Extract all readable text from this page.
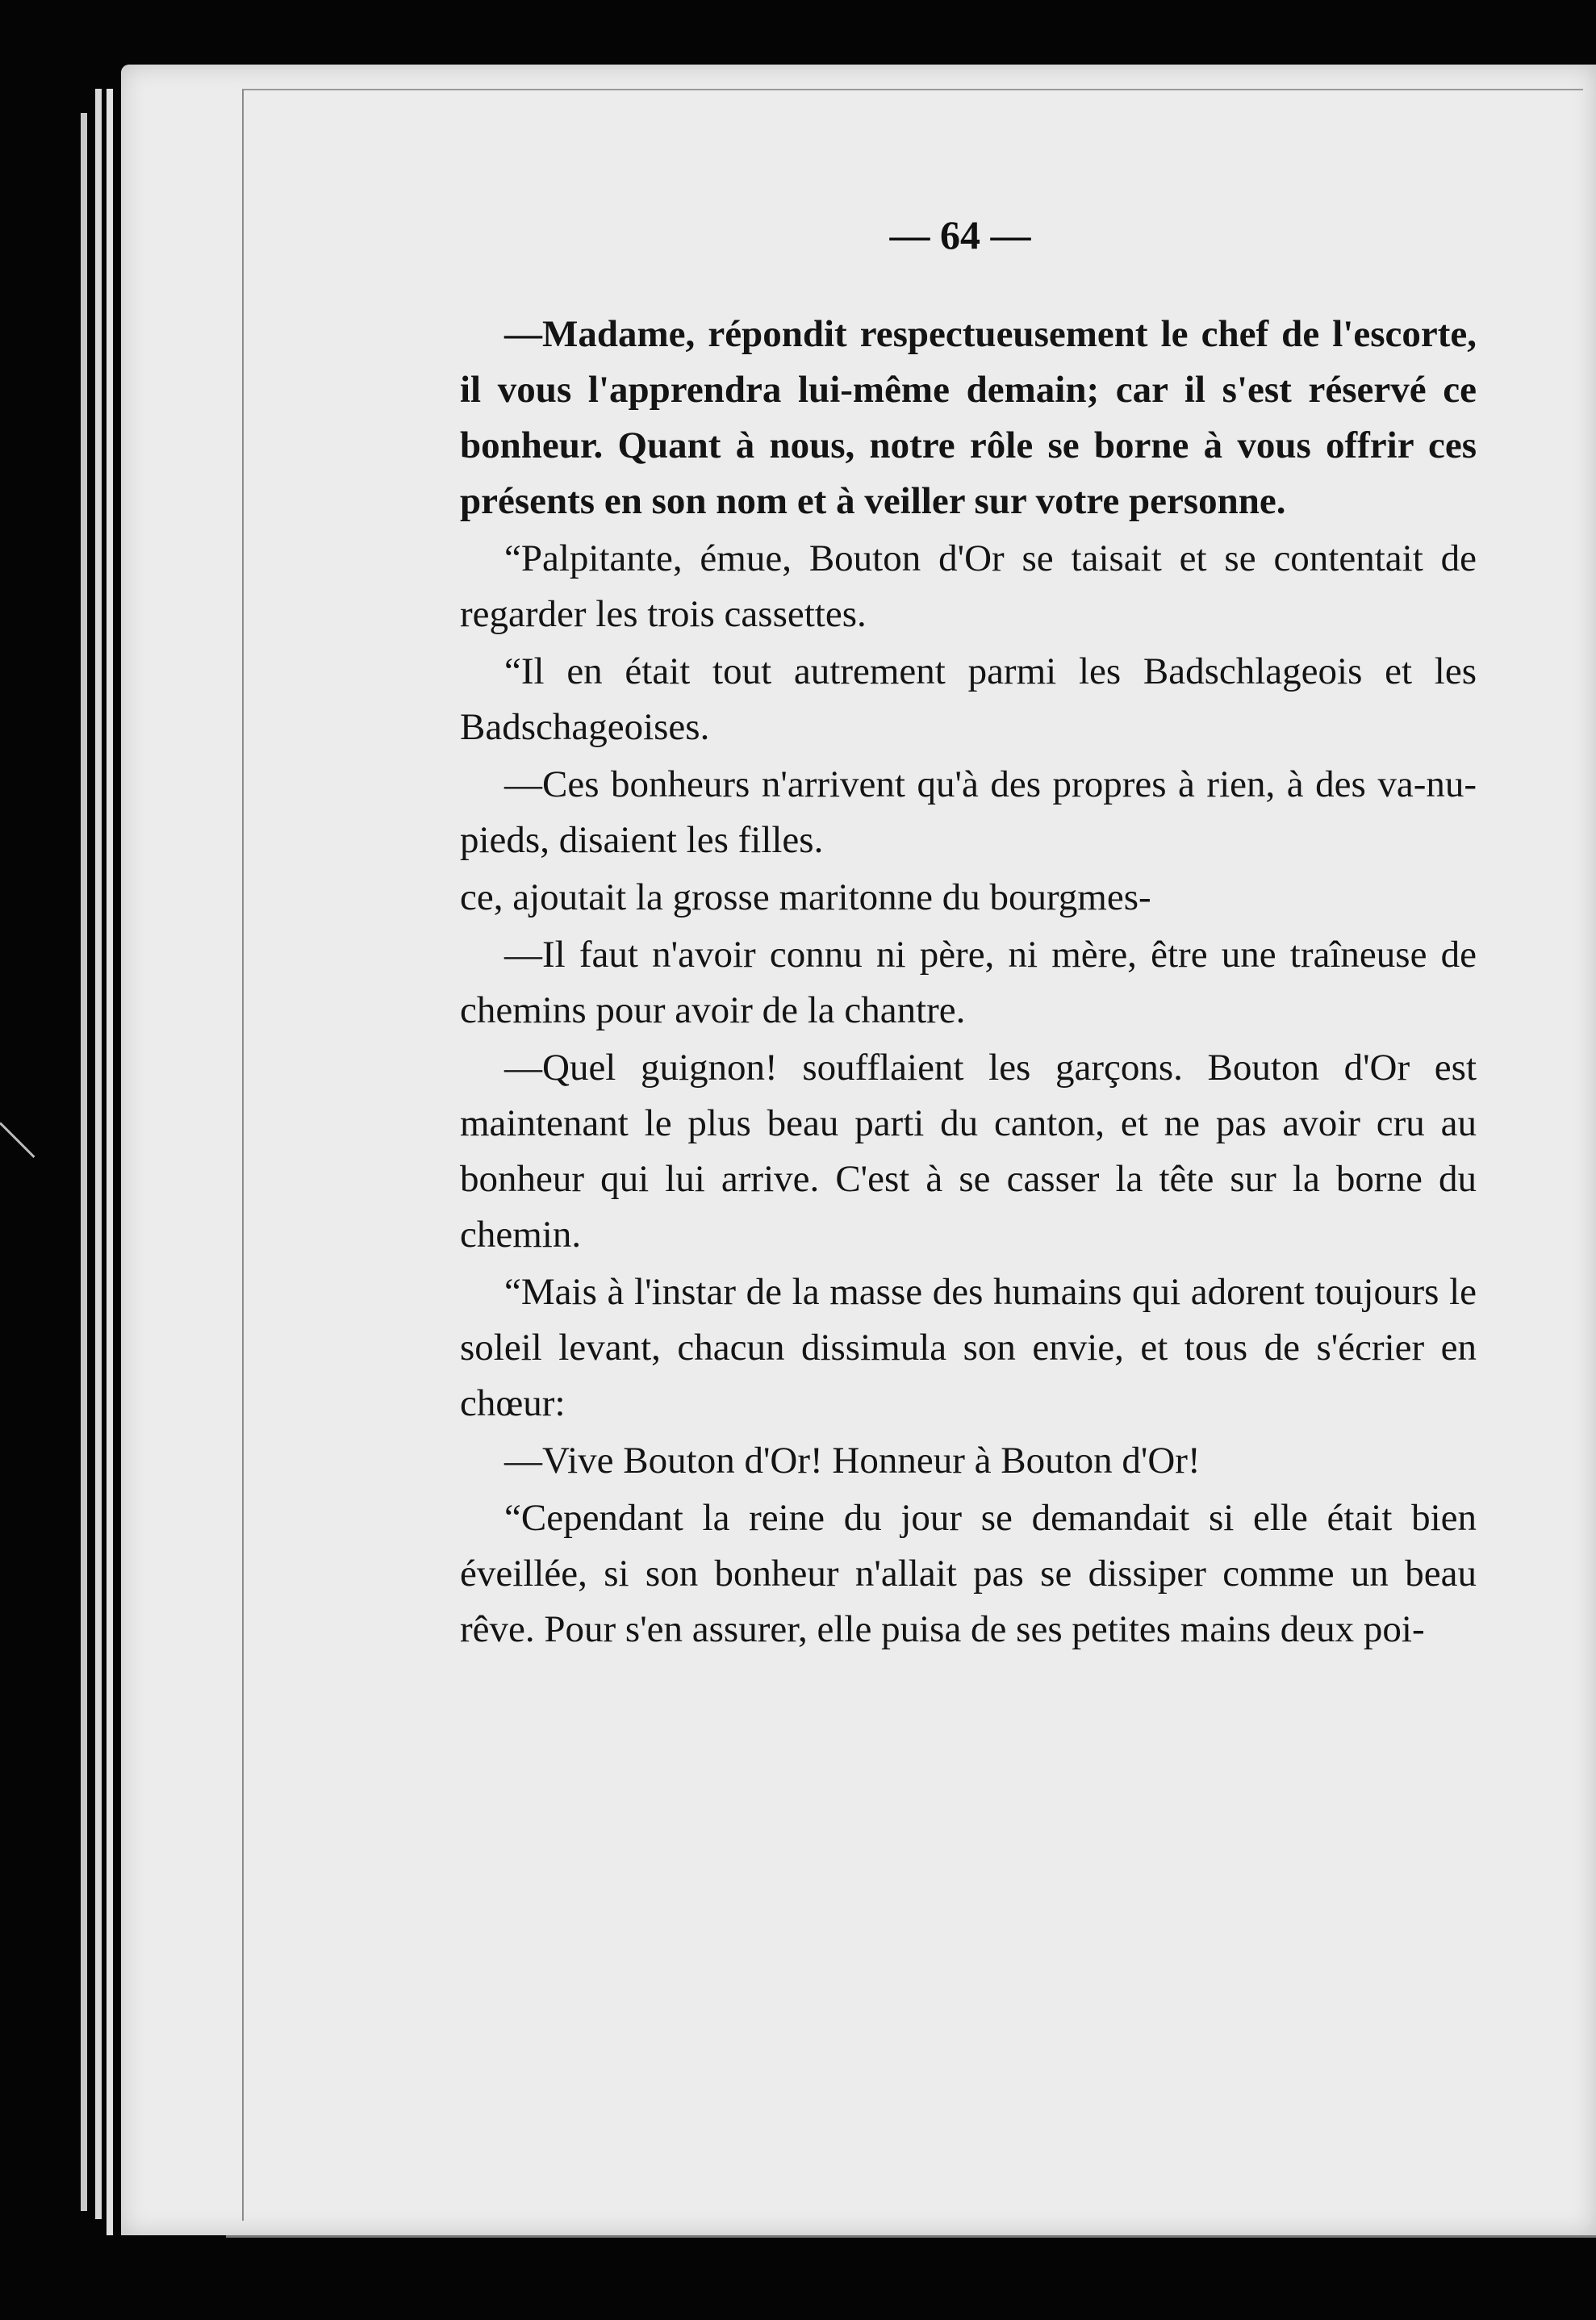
— 64 —

—Madame, répondit respectueusement le chef de l'escorte, il vous l'apprendra lui-même demain; car il s'est réservé ce bonheur. Quant à nous, notre rôle se borne à vous offrir ces présents en son nom et à veiller sur votre personne.

“Palpitante, émue, Bouton d'Or se taisait et se contentait de regarder les trois cassettes.

“Il en était tout autrement parmi les Badschlageois et les Badschageoises.

—Ces bonheurs n'arrivent qu'à des propres à rien, à des va-nu-pieds, disaient les filles.

ce, ajoutait la grosse maritonne du bourgmes-

—Il faut n'avoir connu ni père, ni mère, être une traîneuse de chemins pour avoir de la chantre.

—Quel guignon! soufflaient les garçons. Bouton d'Or est maintenant le plus beau parti du canton, et ne pas avoir cru au bonheur qui lui arrive. C'est à se casser la tête sur la borne du chemin.

“Mais à l'instar de la masse des humains qui adorent toujours le soleil levant, chacun dissimula son envie, et tous de s'écrier en chœur:

—Vive Bouton d'Or! Honneur à Bouton d'Or!

“Cependant la reine du jour se demandait si elle était bien éveillée, si son bonheur n'allait pas se dissiper comme un beau rêve. Pour s'en assurer, elle puisa de ses petites mains deux poi-
